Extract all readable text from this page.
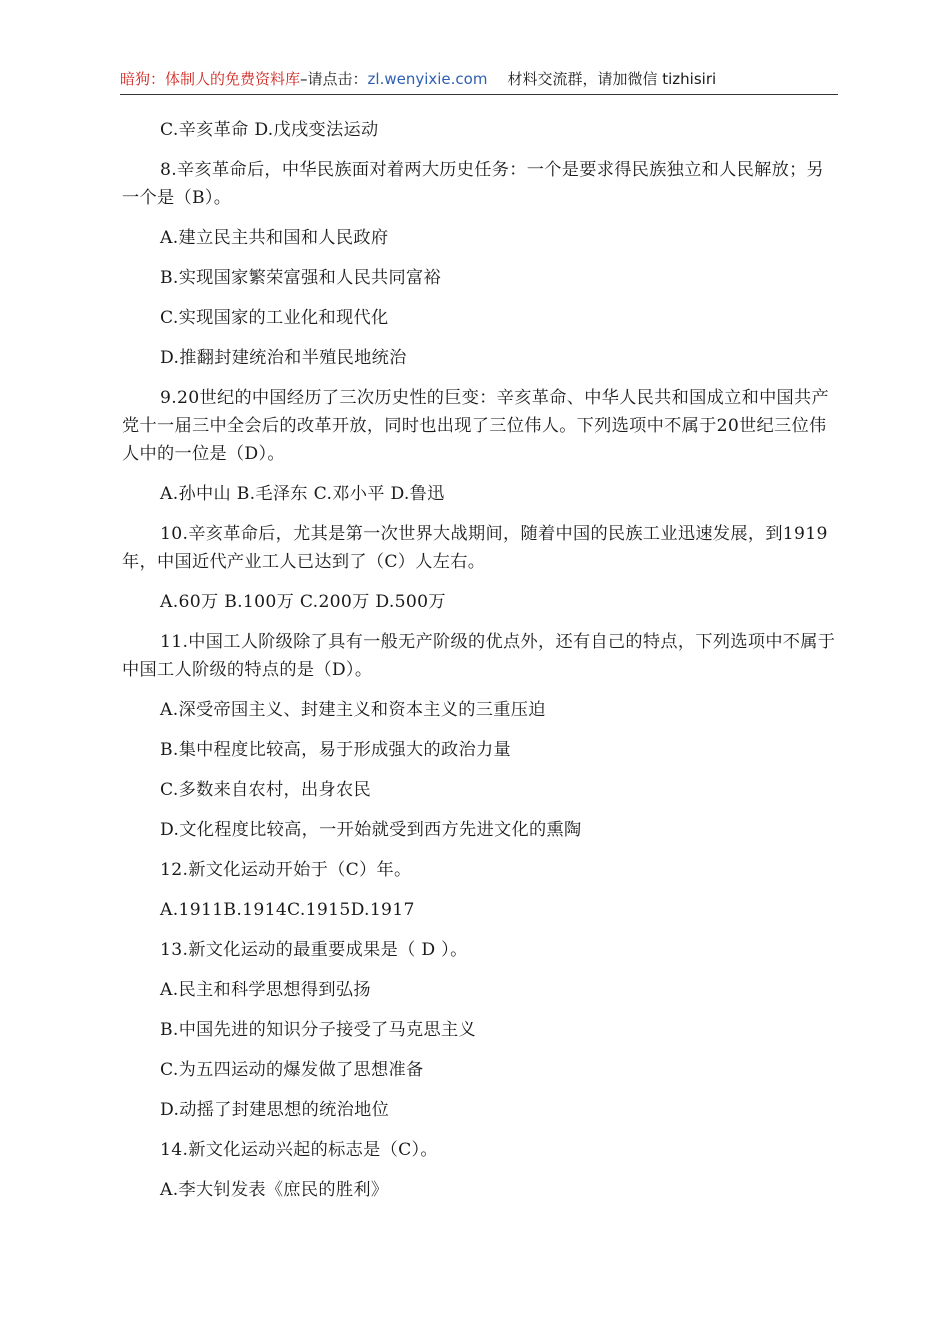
暗狗：体制人的免费资料库–请点击：zl.wenyixie.com 材料交流群，请加微信 tizhisiri

C.辛亥革命 D.戊戌变法运动

8.辛亥革命后，中华民族面对着两大历史任务：一个是要求得民族独立和人民解放；另一个是（B）。

A.建立民主共和国和人民政府

B.实现国家繁荣富强和人民共同富裕

C.实现国家的工业化和现代化

D.推翻封建统治和半殖民地统治

9.20世纪的中国经历了三次历史性的巨变：辛亥革命、中华人民共和国成立和中国共产党十一届三中全会后的改革开放，同时也出现了三位伟人。下列选项中不属于20世纪三位伟人中的一位是（D）。

A.孙中山 B.毛泽东 C.邓小平 D.鲁迅

10.辛亥革命后，尤其是第一次世界大战期间，随着中国的民族工业迅速发展，到1919年，中国近代产业工人已达到了（C）人左右。

A.60万 B.100万 C.200万 D.500万

11.中国工人阶级除了具有一般无产阶级的优点外，还有自己的特点，下列选项中不属于中国工人阶级的特点的是（D）。

A.深受帝国主义、封建主义和资本主义的三重压迫

B.集中程度比较高，易于形成强大的政治力量

C.多数来自农村，出身农民

D.文化程度比较高，一开始就受到西方先进文化的熏陶

12.新文化运动开始于（C）年。

A.1911B.1914C.1915D.1917

13.新文化运动的最重要成果是（ D ）。

A.民主和科学思想得到弘扬

B.中国先进的知识分子接受了马克思主义

C.为五四运动的爆发做了思想准备

D.动摇了封建思想的统治地位

14.新文化运动兴起的标志是（C）。

A.李大钊发表《庶民的胜利》
